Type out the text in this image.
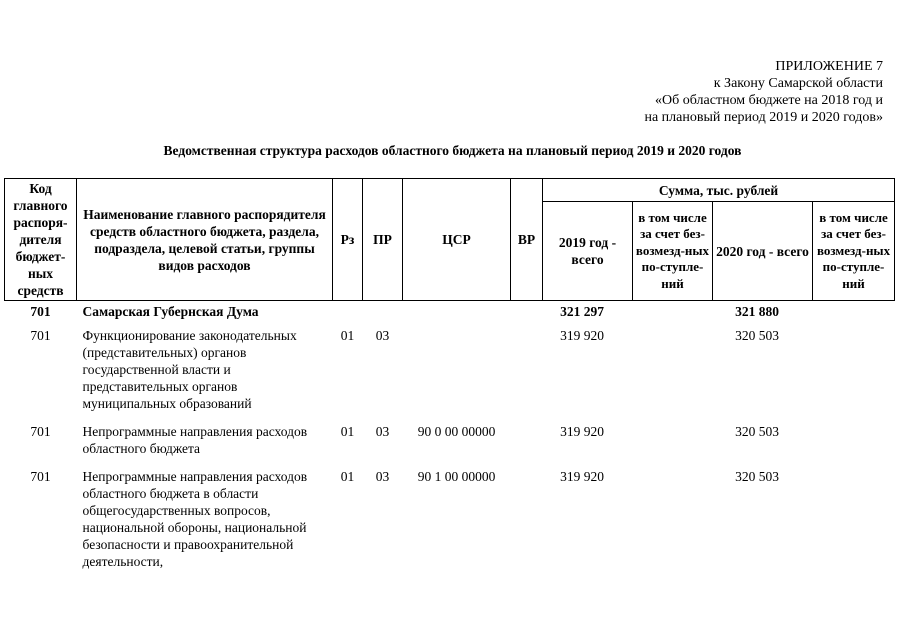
ПРИЛОЖЕНИЕ 7
к Закону Самарской области
«Об областном бюджете на 2018 год и
на плановый период 2019 и 2020 годов»
Ведомственная структура расходов областного бюджета на плановый период 2019 и 2020 годов
Код главного распоря-дителя бюджет-ных средств	Наименование главного распорядителя средств областного бюджета, раздела, подраздела, целевой статьи, группы видов расходов	Рз	ПР	ЦСР	ВР	Сумма, тыс. рублей			
						2019 год - всего	в том числе за счет без-возмезд-ных по-ступле-ний	2020 год - всего	в том числе за счет без-возмезд-ных по-ступле-ний
701	Самарская Губернская Дума					321 297		321 880	
701	Функционирование законодательных (представительных) органов государственной власти и представительных органов муниципальных образований	01	03			319 920		320 503	
701	Непрограммные направления расходов областного бюджета	01	03	90 0 00 00000		319 920		320 503	
701	Непрограммные направления расходов областного бюджета в области общегосударственных вопросов, национальной обороны, национальной безопасности и правоохранительной деятельности,	01	03	90 1 00 00000		319 920		320 503	
